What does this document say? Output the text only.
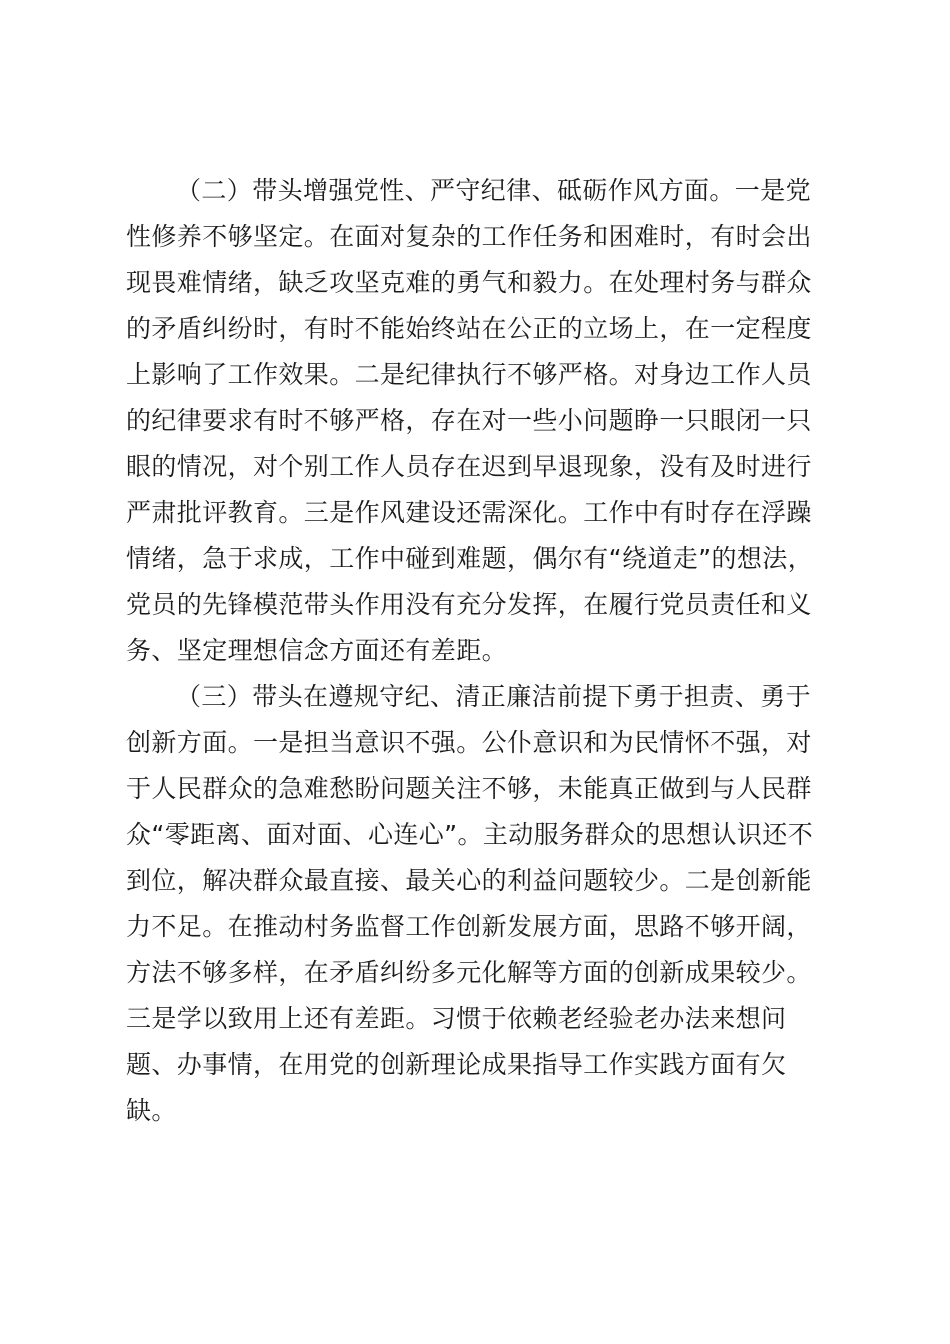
（二）带头增强党性、严守纪律、砥砺作风方面。一是党
性修养不够坚定。在面对复杂的工作任务和困难时，有时会出
现畏难情绪，缺乏攻坚克难的勇气和毅力。在处理村务与群众
的矛盾纠纷时，有时不能始终站在公正的立场上，在一定程度
上影响了工作效果。二是纪律执行不够严格。对身边工作人员
的纪律要求有时不够严格，存在对一些小问题睁一只眼闭一只
眼的情况，对个别工作人员存在迟到早退现象，没有及时进行
严肃批评教育。三是作风建设还需深化。工作中有时存在浮躁
情绪，急于求成，工作中碰到难题，偶尔有“绕道走”的想法，
党员的先锋模范带头作用没有充分发挥，在履行党员责任和义
务、坚定理想信念方面还有差距。

（三）带头在遵规守纪、清正廉洁前提下勇于担责、勇于
创新方面。一是担当意识不强。公仆意识和为民情怀不强，对
于人民群众的急难愁盼问题关注不够，未能真正做到与人民群
众“零距离、面对面、心连心”。主动服务群众的思想认识还不
到位，解决群众最直接、最关心的利益问题较少。二是创新能
力不足。在推动村务监督工作创新发展方面，思路不够开阔，
方法不够多样，在矛盾纠纷多元化解等方面的创新成果较少。
三是学以致用上还有差距。习惯于依赖老经验老办法来想问
题、办事情，在用党的创新理论成果指导工作实践方面有欠
缺。
